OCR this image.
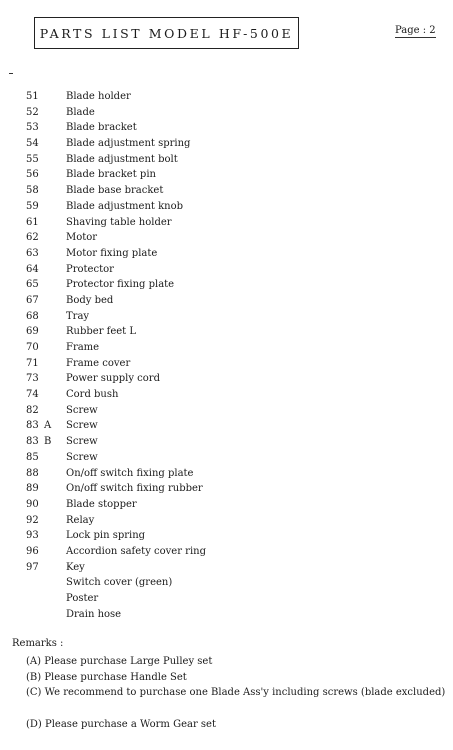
PARTS LIST MODEL HF-500E	Page : 2
51	Blade holder
52	Blade
53	Blade bracket
54	Blade adjustment spring
55	Blade adjustment bolt
56	Blade bracket pin
58	Blade base bracket
59	Blade adjustment knob
61	Shaving table holder
62	Motor
63	Motor fixing plate
64	Protector
65	Protector fixing plate
67	Body bed
68	Tray
69	Rubber feet L
70	Frame
71	Frame cover
73	Power supply cord
74	Cord bush
82	Screw
83 A Screw
83 B Screw
85	Screw
88	On/off switch fixing plate
89	On/off switch fixing rubber
90	Blade stopper
92	Relay
93	Lock pin spring
96	Accordion safety cover ring
97	Key
Switch cover (green)
Poster
Drain hose
Remarks :
(A) Please purchase Large Pulley set
(B) Please purchase Handle Set
(C) We recommend to purchase one Blade Ass'y including screws (blade excluded)
(D) Please purchase a Worm Gear set
